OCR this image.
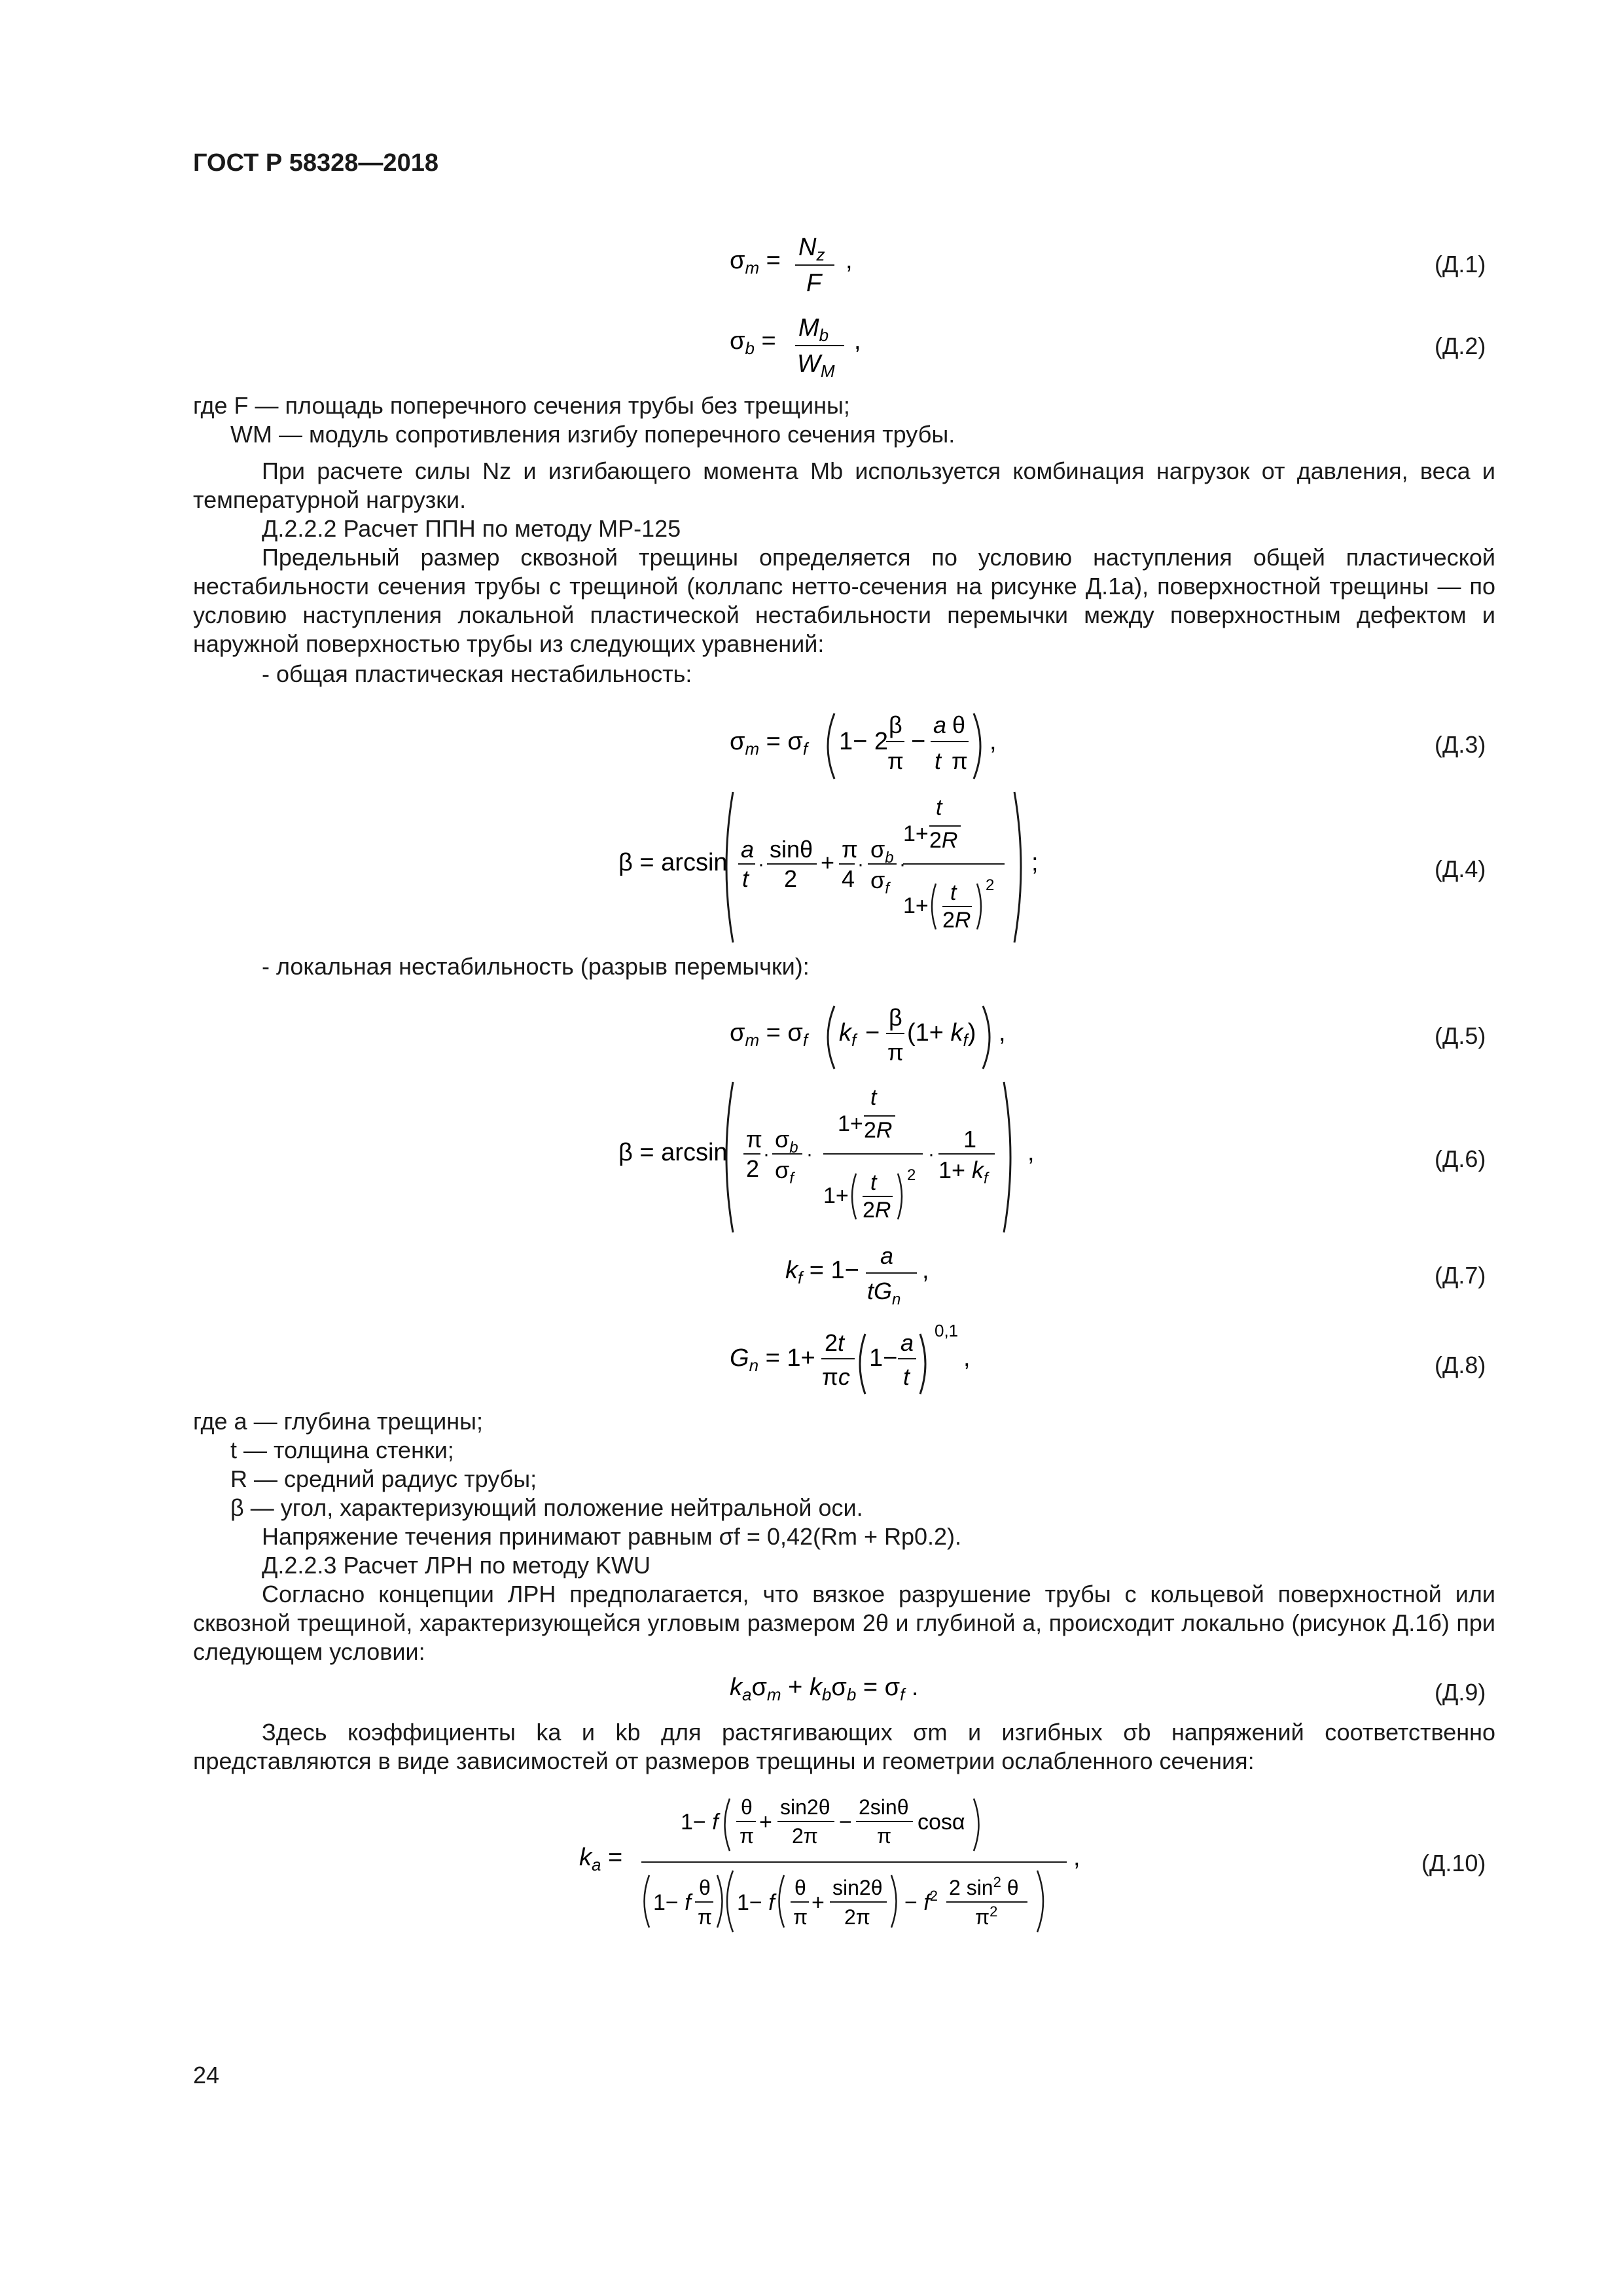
ГОСТ Р 58328—2018
$\sigma_m = N_z$
F
,	(Д.1)
$\sigma_b = M_b$
$W_M$
,	(Д.2)
где F — площадь поперечного сечения трубы без трещины;
WM — модуль сопротивления изгибу поперечного сечения трубы.
При расчете силы Nz и изгибающего момента Mb используется комбинация нагрузок от давления, веса и температурной нагрузки.
Д.2.2.2 Расчет ППН по методу МР-125
Предельный размер сквозной трещины определяется по условию наступления общей пластической нестабильности сечения трубы с трещиной (коллапс нетто-сечения на рисунке Д.1а), поверхностной трещины — по условию наступления локальной пластической нестабильности перемычки между поверхностным дефектом и наружной поверхностью трубы из следующих уравнений:
- общая пластическая нестабильность:
$\sigma_m = \sigma_f$ 1− 2
β
π
−
a θ
t π
,	(Д.3)
β = arcsin a
t
·
sinθ
2
+ π
4
·
$\sigma_b$
$\sigma_f$
·
t
1+ 2R
1+
t
2R
2
;	(Д.4)
- локальная нестабильность (разрыв перемычки):
$\sigma_m = \sigma_f$ $k_f$ −
β
π
$(1+ k_f)$ ,	(Д.5)
β = arcsin π
2
·
$\sigma_b$
$\sigma_f$
·
t
1+ 2R
1+
t
2R
2
·
1
$1+ k_f$
,	(Д.6)
$k_f = 1-$
a
$tG_n$
,	(Д.7)
$G_n = 1+$
2t
πc
1−
a
t
0,1
,	(Д.8)
где a — глубина трещины;
t — толщина стенки;
R — средний радиус трубы;
β — угол, характеризующий положение нейтральной оси.
Напряжение течения принимают равным σf = 0,42(Rm + Rp0.2).
Д.2.2.3 Расчет ЛРН по методу KWU
Согласно концепции ЛРН предполагается, что вязкое разрушение трубы с кольцевой поверхностной или сквозной трещиной, характеризующейся угловым размером 2θ и глубиной a, происходит локально (рисунок Д.1б) при следующем условии:
$k_a\sigma_m + k_b\sigma_b = \sigma_f$ .	(Д.9)
Здесь коэффициенты ka и kb для растягивающих σm и изгибных σb напряжений соответственно представляются в виде зависимостей от размеров трещины и геометрии ослабленного сечения:
$k_a$ =
1− f
θ
π
+
sin2θ
2π
−
2sinθ
π
cosα
1− f
θ
π
1− f
θ
π
+
sin2θ
2π
− $f^2$ 2 $\sin^2 \theta$
$\pi^2$
,	(Д.10)
24
